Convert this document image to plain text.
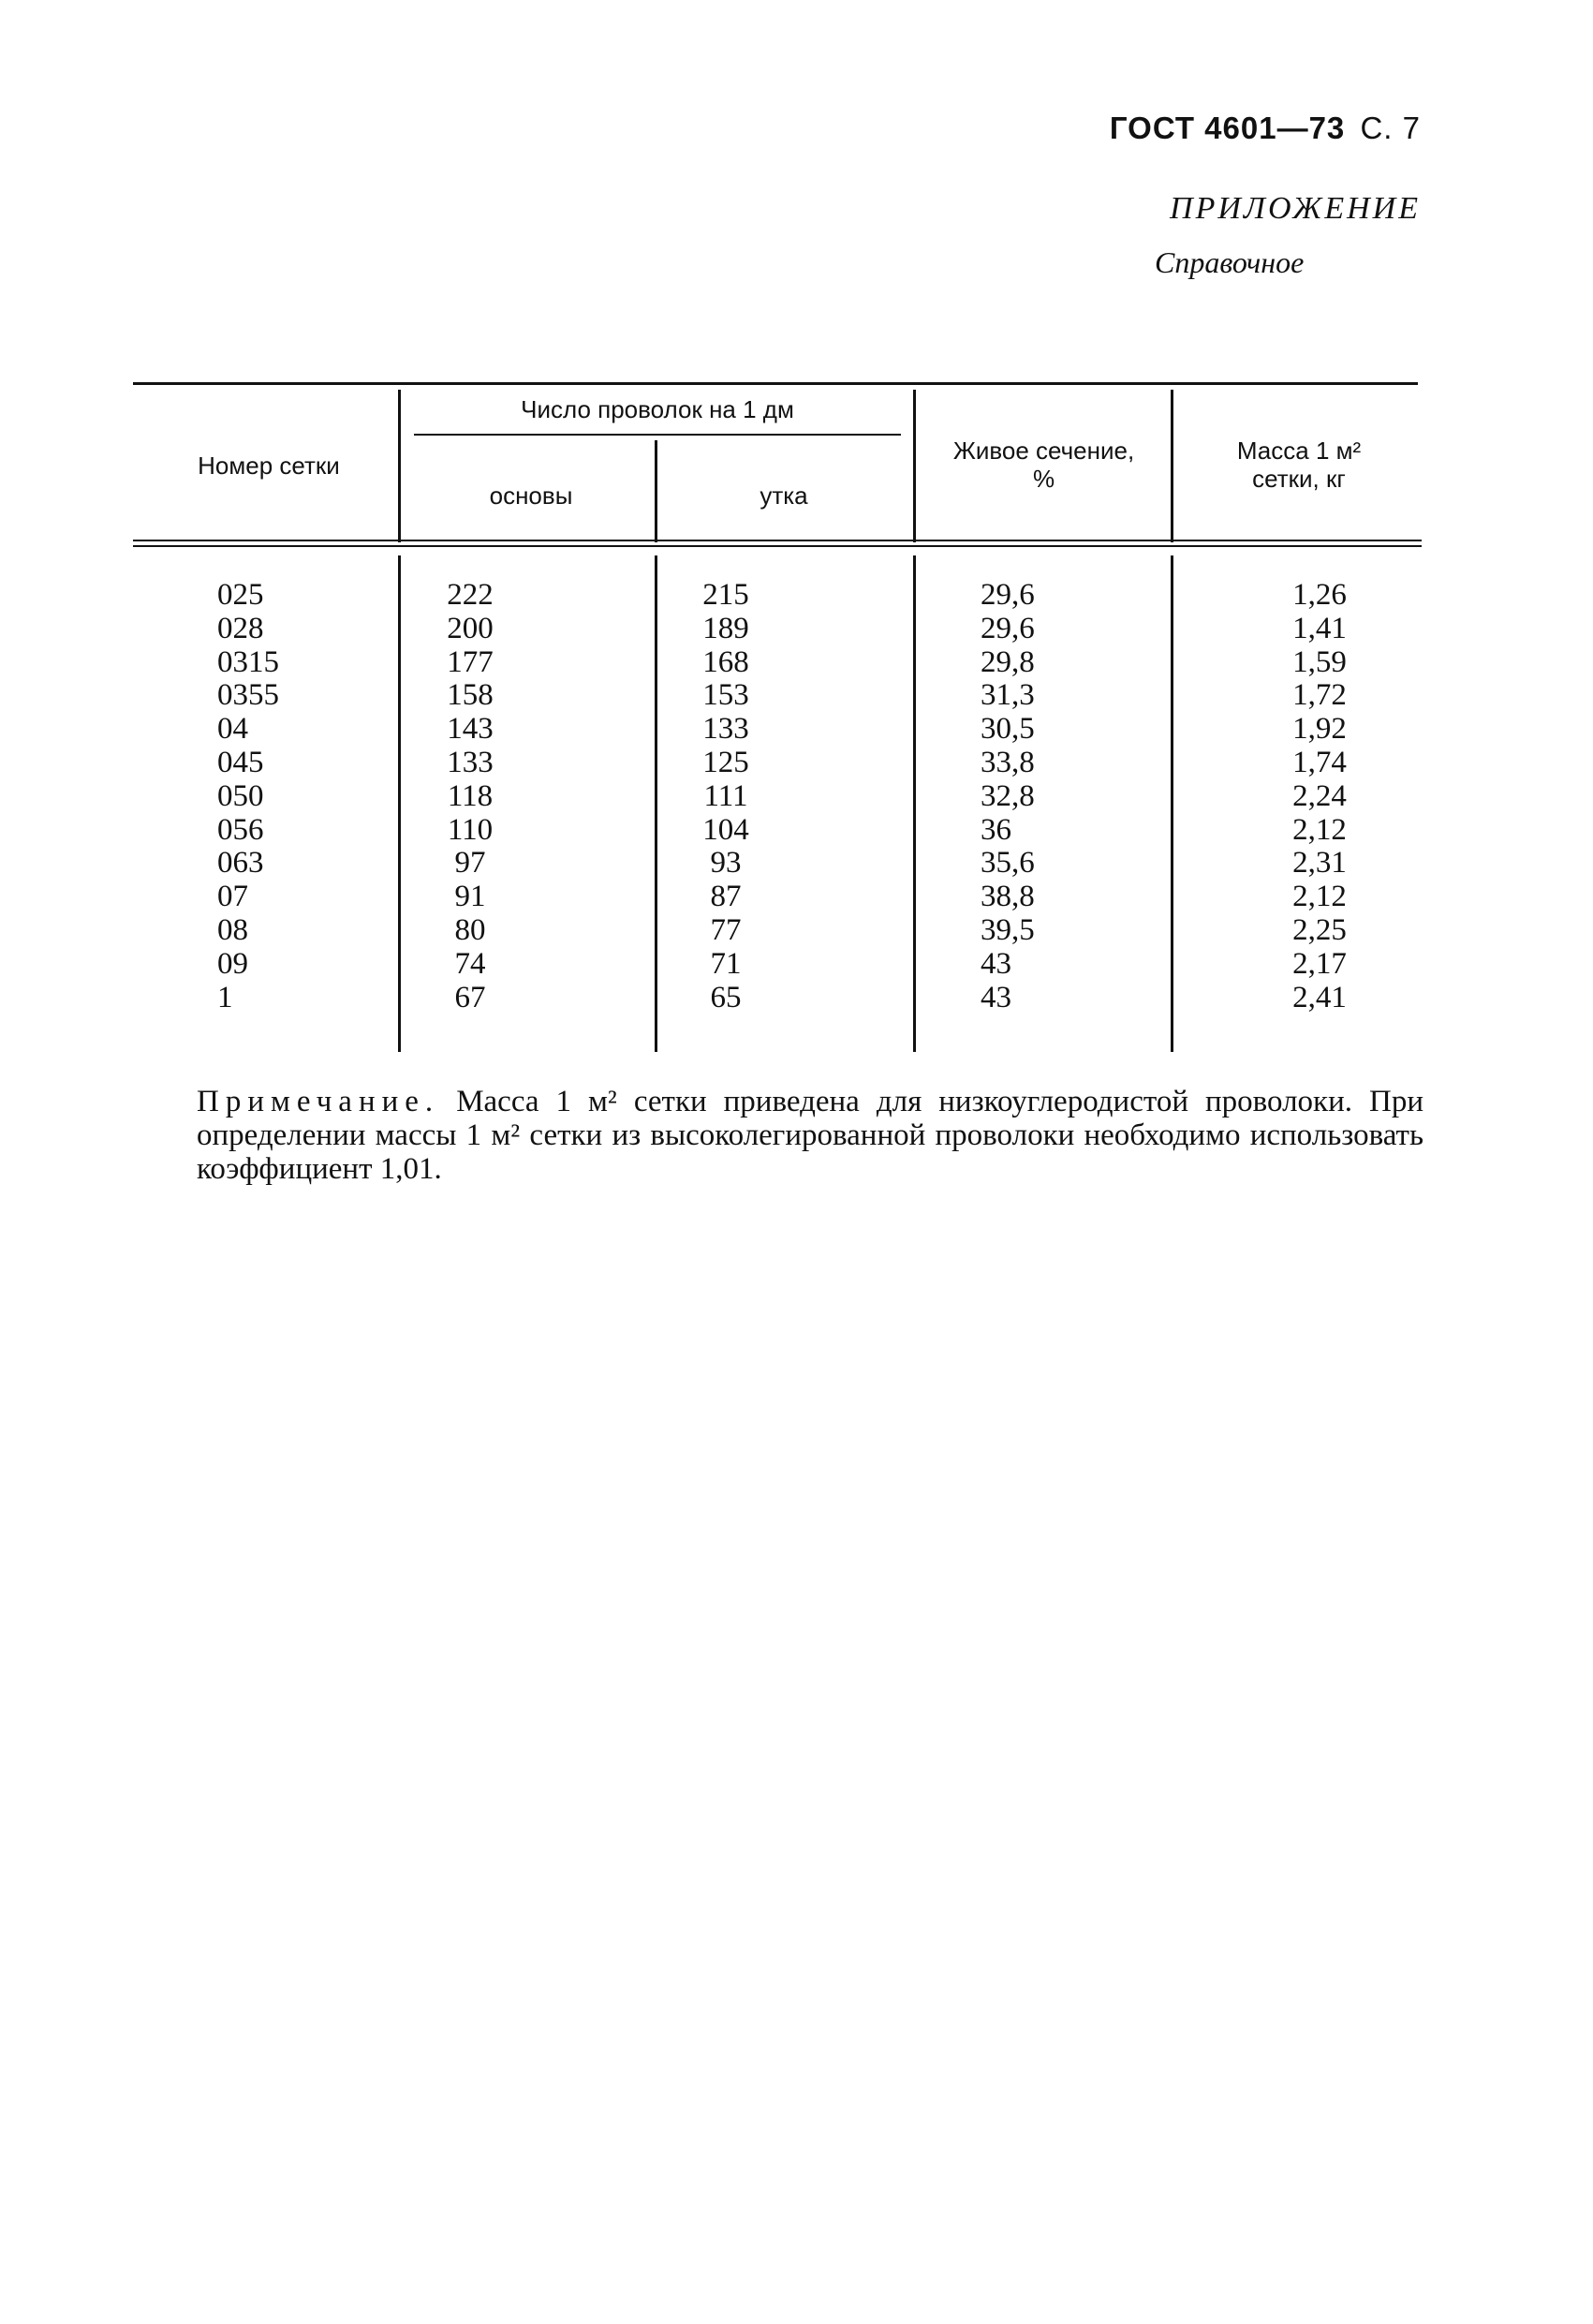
ГОСТ 4601—73 С. 7
ПРИЛОЖЕНИЕ
Справочное
Номер сетки
Число проволок на 1 дм
основы	утка
Живое сечение,
%
Масса 1 м²
сетки, кг
025
028
0315
0355
04
045
050
056
063
07
08
09
1
222
200
177
158
143
133
118
110
97
91
80
74
67
215
189
168
153
133
125
111
104
93
87
77
71
65
29,6
29,6
29,8
31,3
30,5
33,8
32,8
36
35,6
38,8
39,5
43
43
1,26
1,41
1,59
1,72
1,92
1,74
2,24
2,12
2,31
2,12
2,25
2,17
2,41
Примечание. Масса 1 м² сетки приведена для низкоуглеродистой проволоки. При определении массы 1 м² сетки из высоколегированной проволоки необходимо использовать коэффициент 1,01.
